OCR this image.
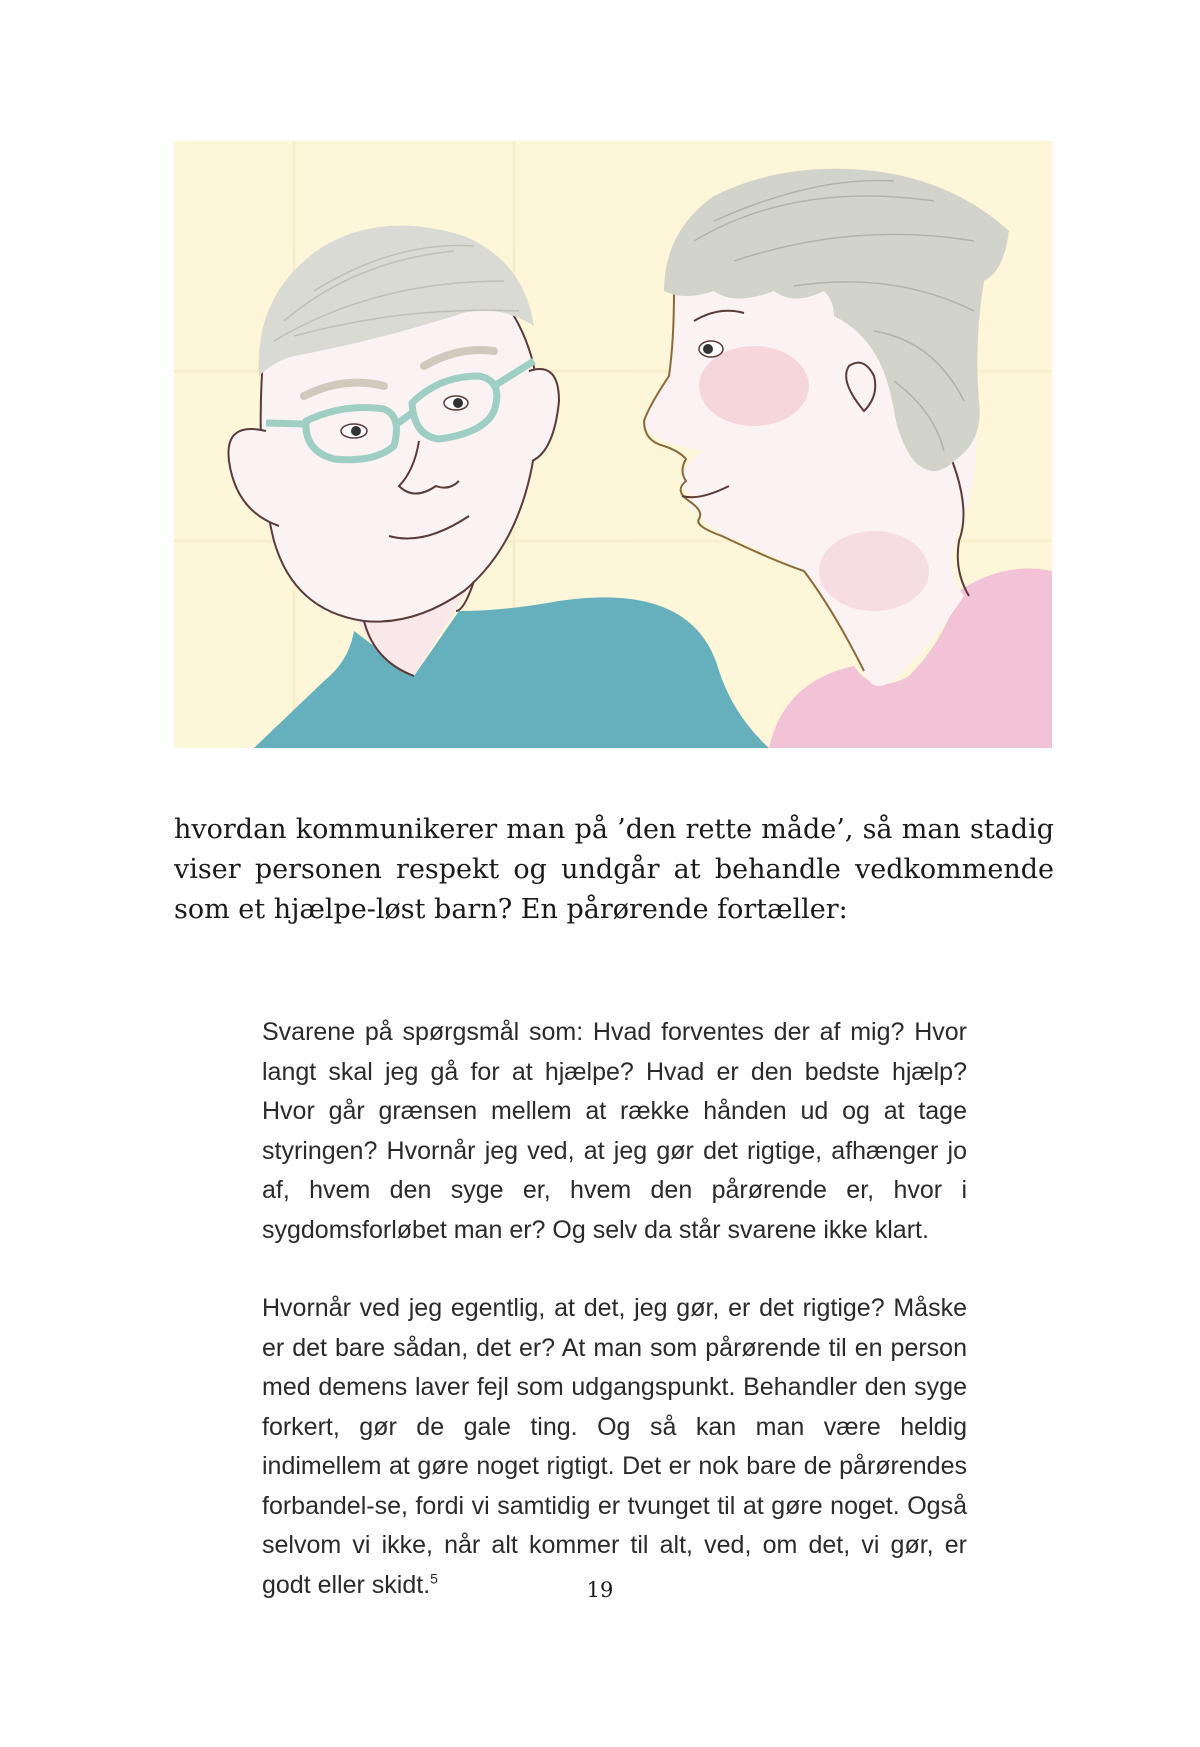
hvordan kommunikerer man på ’den rette måde’, så man stadig viser personen respekt og undgår at behandle vedkommende som et hjælpe-løst barn? En pårørende fortæller:

Svarene på spørgsmål som: Hvad forventes der af mig? Hvor langt skal jeg gå for at hjælpe? Hvad er den bedste hjælp? Hvor går grænsen mellem at række hånden ud og at tage styringen? Hvornår jeg ved, at jeg gør det rigtige, afhænger jo af, hvem den syge er, hvem den pårørende er, hvor i sygdomsforløbet man er? Og selv da står svarene ikke klart.

Hvornår ved jeg egentlig, at det, jeg gør, er det rigtige? Måske er det bare sådan, det er? At man som pårørende til en person med demens laver fejl som udgangspunkt. Behandler den syge forkert, gør de gale ting. Og så kan man være heldig indimellem at gøre noget rigtigt. Det er nok bare de pårørendes forbandel-se, fordi vi samtidig er tvunget til at gøre noget. Også selvom vi ikke, når alt kommer til alt, ved, om det, vi gør, er godt eller skidt.$^5$	19
